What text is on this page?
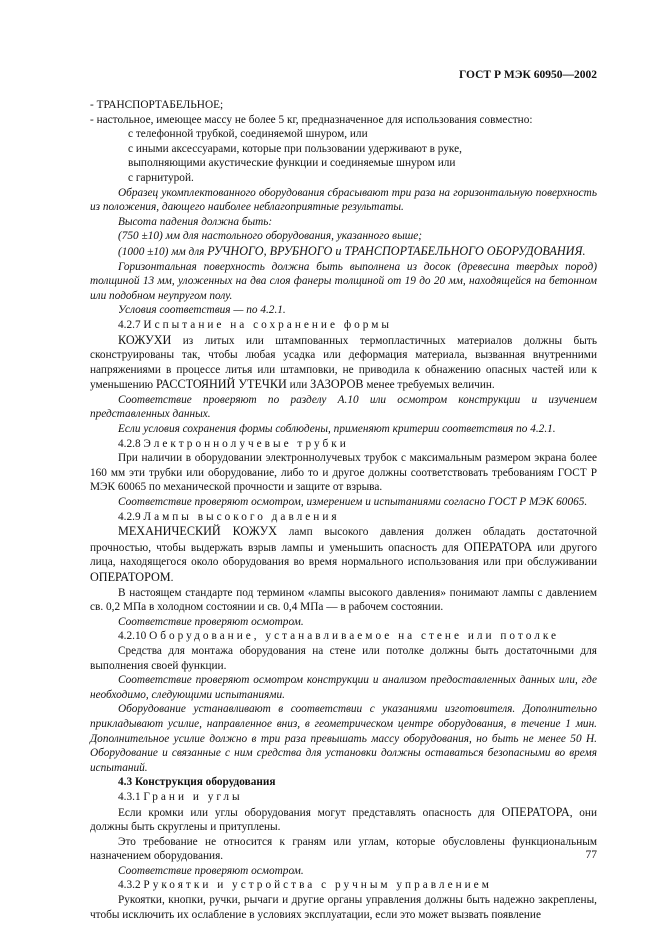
ГОСТ Р МЭК 60950—2002

- ТРАНСПОРТАБЕЛЬНОЕ;

- настольное, имеющее массу не более 5 кг, предназначенное для использования совместно:

с телефонной трубкой, соединяемой шнуром, или

с иными аксессуарами, которые при пользовании удерживают в руке,

выполняющими акустические функции и соединяемые шнуром или

с гарнитурой.

Образец укомплектованного оборудования сбрасывают три раза на горизонтальную поверхность из положения, дающего наиболее неблагоприятные результаты.

Высота падения должна быть:

(750 ±10) мм для настольного оборудования, указанного выше;

(1000 ±10) мм для РУЧНОГО, ВРУБНОГО и ТРАНСПОРТАБЕЛЬНОГО ОБОРУДОВАНИЯ.

Горизонтальная поверхность должна быть выполнена из досок (древесина твердых пород) толщиной 13 мм, уложенных на два слоя фанеры толщиной от 19 до 20 мм, находящейся на бетонном или подобном неупругом полу.

Условия соответствия — по 4.2.1.

4.2.7 Испытание на сохранение формы

КОЖУХИ из литых или штампованных термопластичных материалов должны быть сконструированы так, чтобы любая усадка или деформация материала, вызванная внутренними напряжениями в процессе литья или штамповки, не приводила к обнажению опасных частей или к уменьшению РАССТОЯНИЙ УТЕЧКИ или ЗАЗОРОВ менее требуемых величин.

Соответствие проверяют по разделу А.10 или осмотром конструкции и изучением представленных данных.

Если условия сохранения формы соблюдены, применяют критерии соответствия по 4.2.1.

4.2.8 Электроннолучевые трубки

При наличии в оборудовании электроннолучевых трубок с максимальным размером экрана более 160 мм эти трубки или оборудование, либо то и другое должны соответствовать требованиям ГОСТ Р МЭК 60065 по механической прочности и защите от взрыва.

Соответствие проверяют осмотром, измерением и испытаниями согласно ГОСТ Р МЭК 60065.

4.2.9 Лампы высокого давления

МЕХАНИЧЕСКИЙ КОЖУХ ламп высокого давления должен обладать достаточной прочностью, чтобы выдержать взрыв лампы и уменьшить опасность для ОПЕРАТОРА или другого лица, находящегося около оборудования во время нормального использования или при обслуживании ОПЕРАТОРОМ.

В настоящем стандарте под термином «лампы высокого давления» понимают лампы с давлением св. 0,2 МПа в холодном состоянии и св. 0,4 МПа — в рабочем состоянии.

Соответствие проверяют осмотром.

4.2.10 Оборудование, устанавливаемое на стене или потолке

Средства для монтажа оборудования на стене или потолке должны быть достаточными для выполнения своей функции.

Соответствие проверяют осмотром конструкции и анализом предоставленных данных или, где необходимо, следующими испытаниями.

Оборудование устанавливают в соответствии с указаниями изготовителя. Дополнительно прикладывают усилие, направленное вниз, в геометрическом центре оборудования, в течение 1 мин. Дополнительное усилие должно в три раза превышать массу оборудования, но быть не менее 50 Н. Оборудование и связанные с ним средства для установки должны оставаться безопасными во время испытаний.

4.3 Конструкция оборудования

4.3.1 Грани и углы

Если кромки или углы оборудования могут представлять опасность для ОПЕРАТОРА, они должны быть скруглены и притуплены.

Это требование не относится к граням или углам, которые обусловлены функциональным назначением оборудования.

Соответствие проверяют осмотром.

4.3.2 Рукоятки и устройства с ручным управлением

Рукоятки, кнопки, ручки, рычаги и другие органы управления должны быть надежно закреплены, чтобы исключить их ослабление в условиях эксплуатации, если это может вызвать появление

77
